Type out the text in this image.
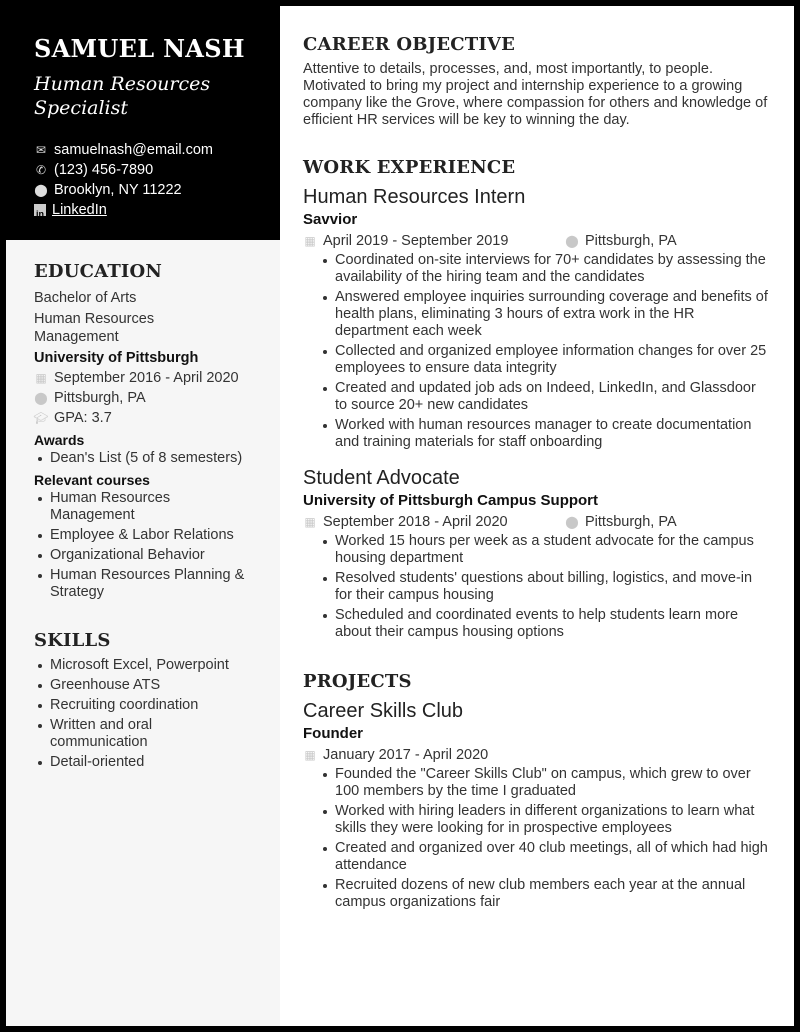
SAMUEL NASH
Human Resources Specialist
✉ samuelnash@email.com
✆ (123) 456-7890
⬤ Brooklyn, NY 11222
in LinkedIn
EDUCATION
Bachelor of Arts
Human Resources Management
University of Pittsburgh
▦ September 2016 - April 2020
⬤ Pittsburgh, PA
🎓︎ GPA: 3.7
Awards
Dean's List (5 of 8 semesters)
Relevant courses
Human Resources Management
Employee & Labor Relations
Organizational Behavior
Human Resources Planning & Strategy
SKILLS
Microsoft Excel, Powerpoint
Greenhouse ATS
Recruiting coordination
Written and oral communication
Detail-oriented
CAREER OBJECTIVE
Attentive to details, processes, and, most importantly, to people. Motivated to bring my project and internship experience to a growing company like the Grove, where compassion for others and knowledge of efficient HR services will be key to winning the day.
WORK EXPERIENCE
Human Resources Intern
Savvior
▦ April 2019 - September 2019	⬤ Pittsburgh, PA
Coordinated on-site interviews for 70+ candidates by assessing the availability of the hiring team and the candidates
Answered employee inquiries surrounding coverage and benefits of health plans, eliminating 3 hours of extra work in the HR department each week
Collected and organized employee information changes for over 25 employees to ensure data integrity
Created and updated job ads on Indeed, LinkedIn, and Glassdoor to source 20+ new candidates
Worked with human resources manager to create documentation and training materials for staff onboarding
Student Advocate
University of Pittsburgh Campus Support
▦ September 2018 - April 2020	⬤ Pittsburgh, PA
Worked 15 hours per week as a student advocate for the campus housing department
Resolved students' questions about billing, logistics, and move-in for their campus housing
Scheduled and coordinated events to help students learn more about their campus housing options
PROJECTS
Career Skills Club
Founder
▦ January 2017 - April 2020
Founded the "Career Skills Club" on campus, which grew to over 100 members by the time I graduated
Worked with hiring leaders in different organizations to learn what skills they were looking for in prospective employees
Created and organized over 40 club meetings, all of which had high attendance
Recruited dozens of new club members each year at the annual campus organizations fair
